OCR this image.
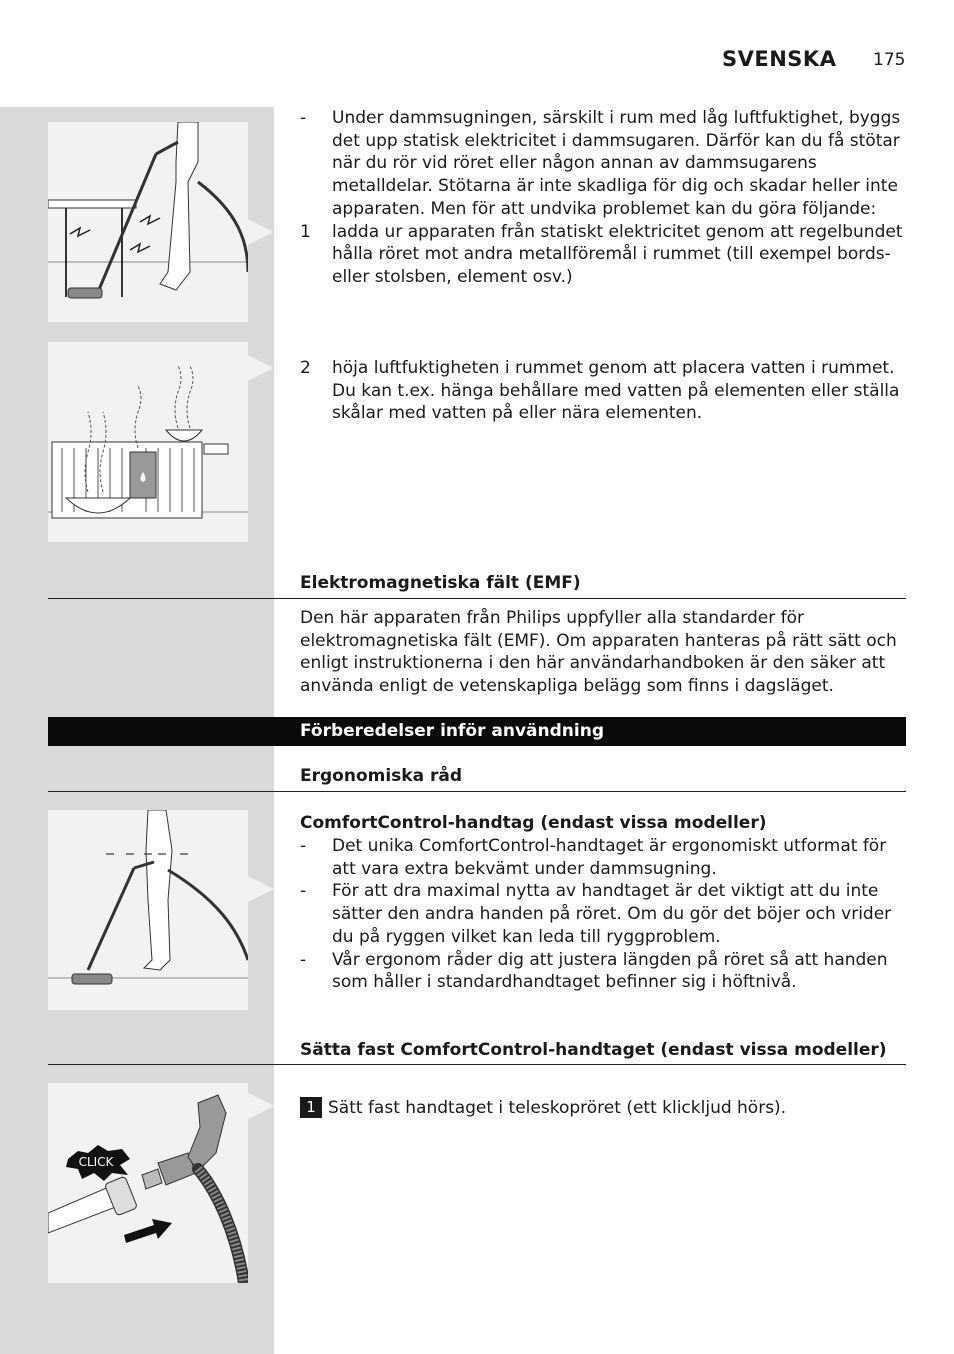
SVENSKA 175
- Under dammsugningen, särskilt i rum med låg luftfuktighet, byggs det upp statisk elektricitet i dammsugaren. Därför kan du få stötar när du rör vid röret eller någon annan av dammsugarens metalldelar. Stötarna är inte skadliga för dig och skadar heller inte apparaten. Men för att undvika problemet kan du göra följande:
1 ladda ur apparaten från statiskt elektricitet genom att regelbundet hålla röret mot andra metallföremål i rummet (till exempel bords- eller stolsben, element osv.)
2 höja luftfuktigheten i rummet genom att placera vatten i rummet.
Du kan t.ex. hänga behållare med vatten på elementen eller ställa skålar med vatten på eller nära elementen.
Elektromagnetiska fält (EMF)
Den här apparaten från Philips uppfyller alla standarder för elektromagnetiska fält (EMF). Om apparaten hanteras på rätt sätt och enligt instruktionerna i den här användarhandboken är den säker att använda enligt de vetenskapliga belägg som finns i dagsläget.
Förberedelser inför användning
Ergonomiska råd
ComfortControl-handtag (endast vissa modeller)
- Det unika ComfortControl-handtaget är ergonomiskt utformat för att vara extra bekvämt under dammsugning.
- För att dra maximal nytta av handtaget är det viktigt att du inte sätter den andra handen på röret. Om du gör det böjer och vrider du på ryggen vilket kan leda till ryggproblem.
- Vår ergonom råder dig att justera längden på röret så att handen som håller i standardhandtaget befinner sig i höftnivå.
Sätta fast ComfortControl-handtaget (endast vissa modeller)
CLICK
1 Sätt fast handtaget i teleskopröret (ett klickljud hörs).
